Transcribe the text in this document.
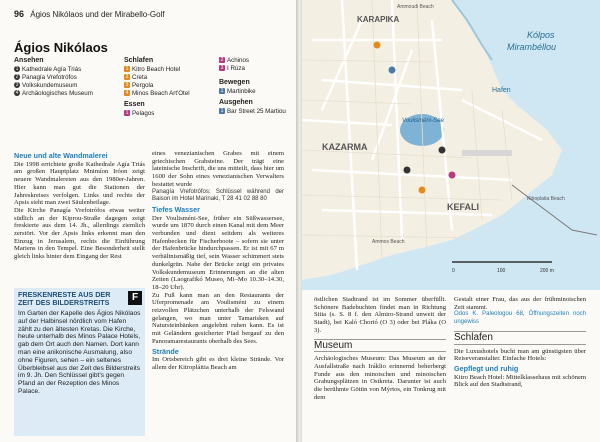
96 Ágios Nikólaos und der Mirabello-Golf
Ágios Nikólaos
Ansehen
1 Kathedrale Agía Triás
2 Panagía Vrefotrófos
3 Volkskundemuseum
4 Archäologisches Museum
Schlafen
1 Kitro Beach Hotel
2 Creta
3 Pergola
4 Minos Beach Art'Otel
Essen
1 Pelagos
2 Achinos
3 I Rúza
Bewegen
1 Martinbike
Ausgehen
1 Bar Street 25 Martiou
Neue und alte Wandmalerei
Die 1998 errichtete große Kathedrale Agía Triás am großen Hauptplatz Mnimíon Iróon zeigt neuere Wandmalereien aus den 1980er-Jahren. Hier kann man gut die Stationen der Jahreskreises verfolgen. Links und rechts der Apsis sieht man zwei Säulenbeilage.
Die Kirche Panagía Vrefotrófos etwas weiter südlich an der Kiprou-Straße dagegen zeigt freskierte aus dem 14. Jh., allerdings ziemlich zerstört. Vor der Apsis links erkennt man den Einzug in Jerusalem, rechts die Einführung Mariens in den Tempel. Eine Besonderheit stellt gleich links hinter dem Eingang der Rest
eines venezianischen Grabes mit einem griechischen Grabsteine. Der trägt eine lateinische Inschrift, die uns mitteilt, dass hier um 1600 der Sohn eines venezianischen Verwalters bestattet wurde
Panagía Vrefotrófos: Schlüssel während der Baison im Hotel Marinaki, T 28 41 02 88 80
Tiefes Wasser
Der Voulisméni-See, früher ein Süßwassersee, wurde um 1870 durch einen Kanal mit dem Meer verbunden und dient seitdem als weiteres Hafenbecken für Fischerboote – sofern sie unter der Hafenbrücke hindurchpassen. Er ist mit 67 m verhältnismäßig tief, sein Wasser schimmert stets dunkelgrün. Nahe der Brücke zeigt ein privates Volkskundemuseum Erinnerungen an die alten Zeiten (Laografikó Museo, Mi–Mo 10.30–14.30, 18–20 Uhr).
Zu Fuß kann man an den Restaurants der Uferpromenade am Voulisméni zu einem reizvollen Plätzchen unterhalb der Felswand gelangen, wo man unter Tamarisken auf Natursteinbänken angelehnt ruhen kann. Es ist mit Geländern gesicherter Pfad bergauf zu den Panoramarestaurants oberhalb des Sees.
Strände
Im Ortsbereich gibt es drei kleine Strände. Vor allem der Kitropláitia Beach am
F
FRESKENRESTE AUS DER ZEIT DES BILDERSTREITS
Im Garten der Kapelle des Ágios Nikólaos auf der Halbinsel nördlich vom Hafen zählt zu den ältesten Kretas. Die Kirche, heute unterhalb des Minos Palace Hotels, gab dem Ort auch den Namen. Dort kann man eine anikonische Ausmalung, also ohne Figuren, sehen – ein seltenes Überbleibsel aus der Zeit des Bilderstreits im 9. Jh. Den Schlüssel gibt's gegen Pfand an der Rezeption des Minos Palace.
KARAPIKA
Kólpos
Mirambéllou
KAZARMA
KEFALI
Hafen
Voulisméni-See
Kitroplatia Beach
Ammoudi Beach
Ammos Beach
0	100	200 m
östlichen Stadtrand ist im Sommer überfüllt. Schönere Badebuchten findet man in Richtung Sitia (s. S. 8 f. den Almiro-Strand unweit der Stadt), bei Kaló Chorió (O 3) oder bei Pláka (O 3).
Museum
Archäologisches Museum: Das Museum an der Ausfallstraße nach Iráklio erinnernd beherbergt Funde aus den minoischen und minoischen Grabungsplätzen in Ostkreta. Darunter ist auch die berühmte Göttin von Mýrtos, ein Tonkrug mit dem
Gestalt einer Frau, das aus der frühminoischen Zeit stammt.
Odos K. Paleologou 68, Öffnungszeiten noch ungewiss
Schlafen
Die Luxushotels bucht man am günstigsten über Reiseveranstalter. Einfache Hotels:
Gepflegt und ruhig
Kitro Beach Hotel: Mittelklassehaus mit schönem Blick auf den Stadtstrand,
